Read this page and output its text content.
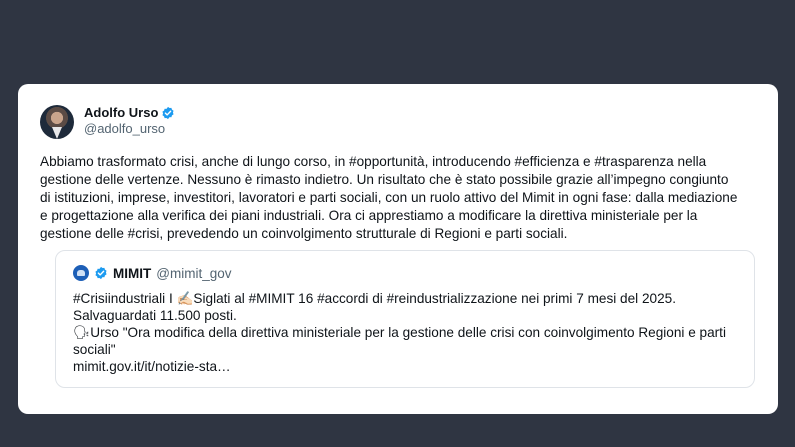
Adolfo Urso
@adolfo_urso

Abbiamo trasformato crisi, anche di lungo corso, in #opportunità, introducendo #efficienza e #trasparenza nella gestione delle vertenze. Nessuno è rimasto indietro. Un risultato che è stato possibile grazie all’impegno congiunto di istituzioni, imprese, investitori, lavoratori e parti sociali, con un ruolo attivo del Mimit in ogni fase: dalla mediazione e progettazione alla verifica dei piani industriali. Ora ci apprestiamo a modificare la direttiva ministeriale per la gestione delle #crisi, prevedendo un coinvolgimento strutturale di Regioni e parti sociali.

MIMIT @mimit_gov
#Crisiindustriali I ✍🏻Siglati al #MIMIT 16 #accordi di #reindustrializzazione nei primi 7 mesi del 2025.
Salvaguardati 11.500 posti.
🗣Urso "Ora modifica della direttiva ministeriale per la gestione delle crisi con coinvolgimento Regioni e parti sociali"
mimit.gov.it/it/notizie-sta…
